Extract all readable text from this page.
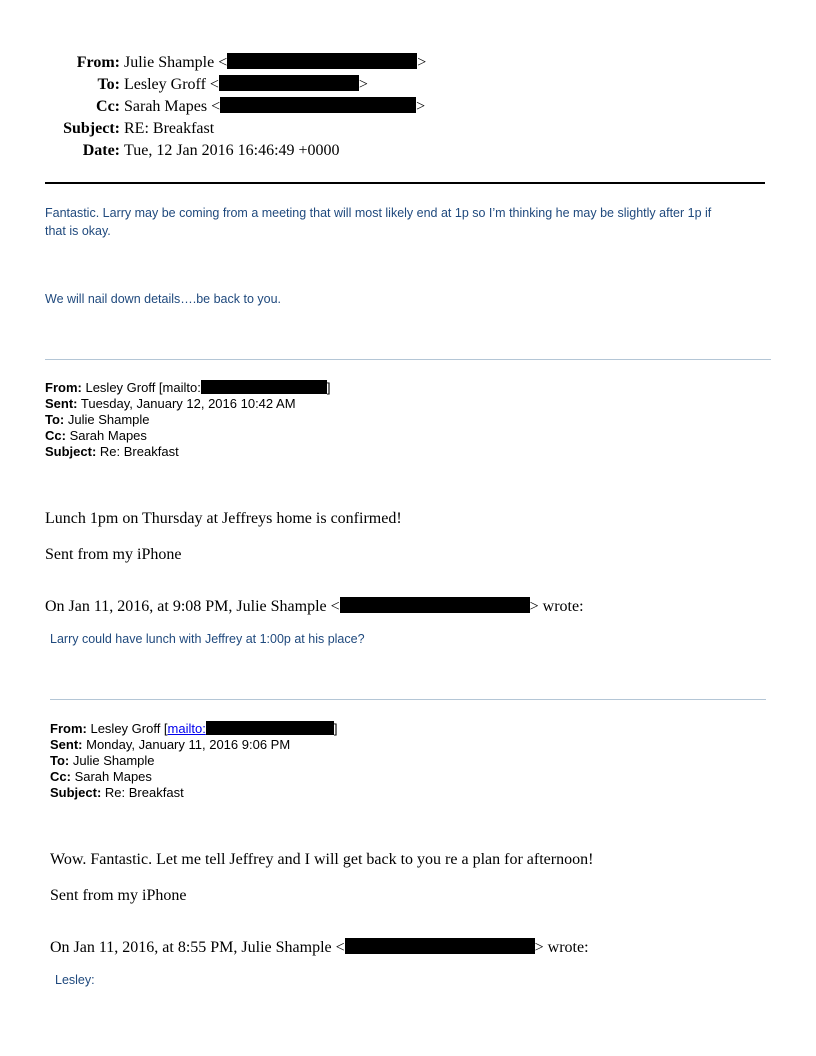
From: Julie Shample <	>
To: Lesley Groff <	>
Cc: Sarah Mapes <	>
Subject: RE: Breakfast
Date: Tue, 12 Jan 2016 16:46:49 +0000
Fantastic. Larry may be coming from a meeting that will most likely end at 1p so I’m thinking he may be slightly after 1p if
that is okay.
We will nail down details….be back to you.
From: Lesley Groff [mailto:	]
Sent: Tuesday, January 12, 2016 10:42 AM
To: Julie Shample
Cc: Sarah Mapes
Subject: Re: Breakfast
Lunch 1pm on Thursday at Jeffreys home is confirmed!
Sent from my iPhone
On Jan 11, 2016, at 9:08 PM, Julie Shample <	> wrote:
Larry could have lunch with Jeffrey at 1:00p at his place?
From: Lesley Groff [mailto:	]
Sent: Monday, January 11, 2016 9:06 PM
To: Julie Shample
Cc: Sarah Mapes
Subject: Re: Breakfast
Wow. Fantastic. Let me tell Jeffrey and I will get back to you re a plan for afternoon!
Sent from my iPhone
On Jan 11, 2016, at 8:55 PM, Julie Shample <	> wrote:
Lesley:
